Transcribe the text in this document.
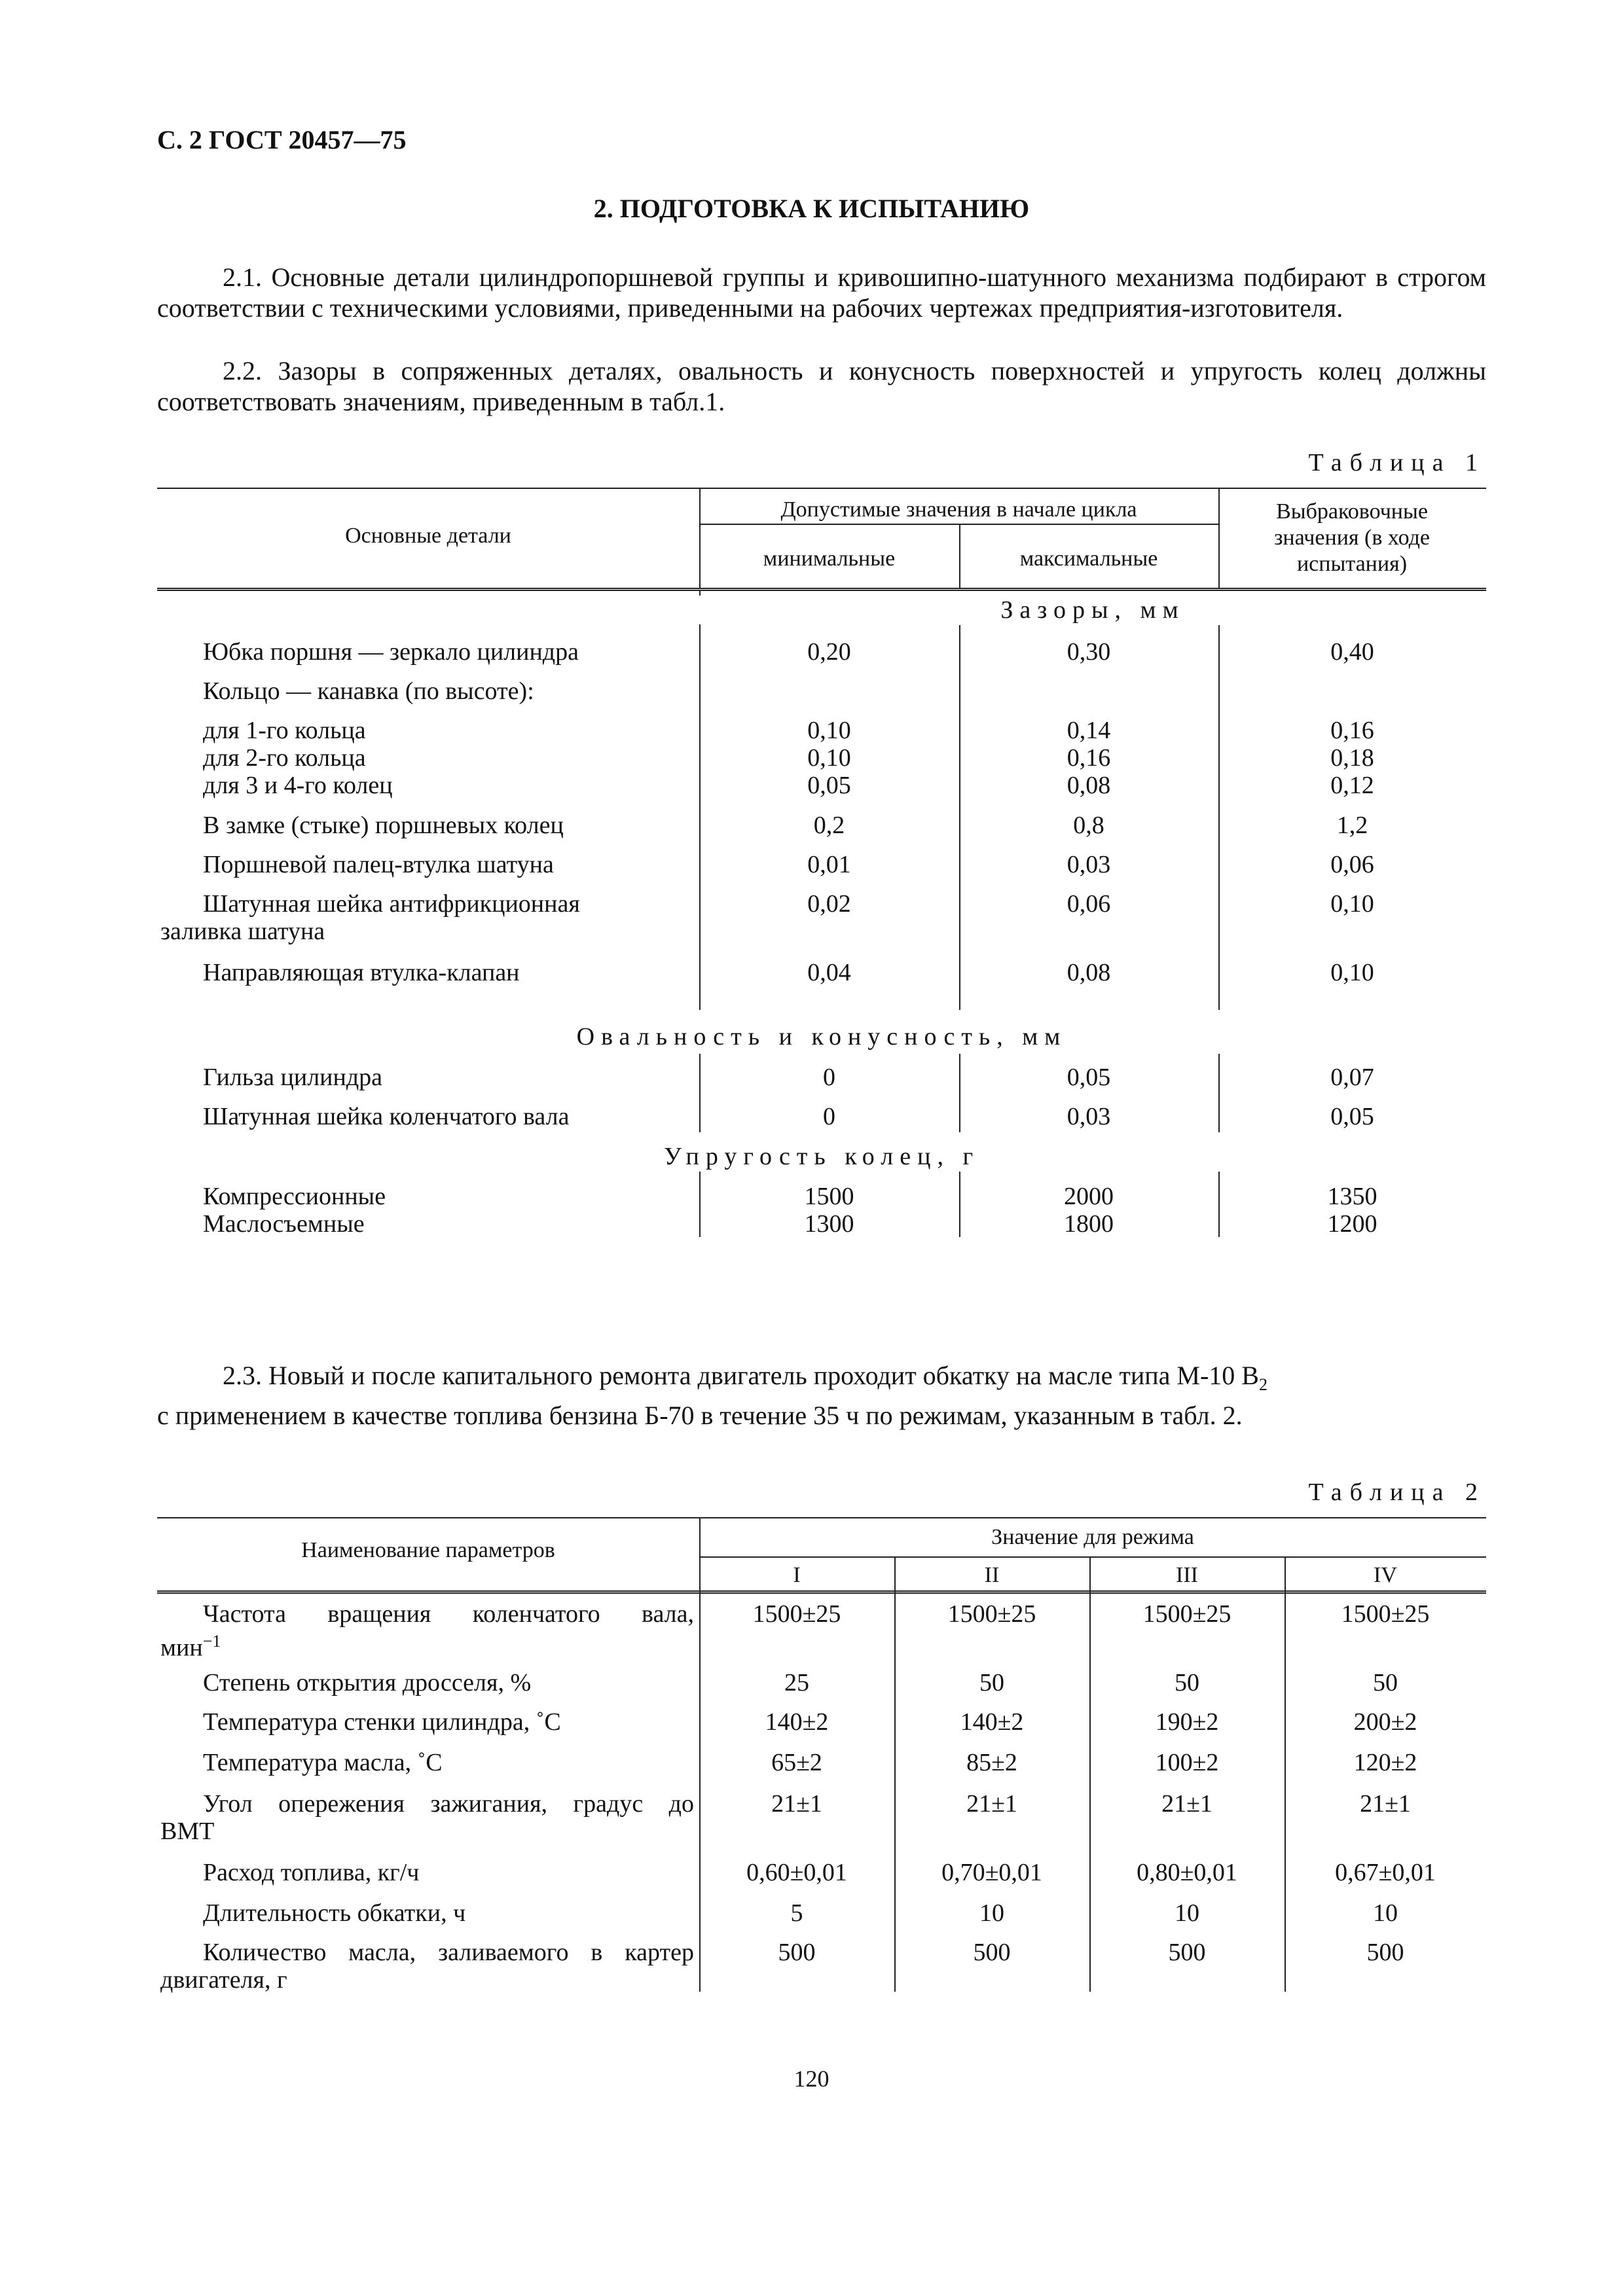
С. 2 ГОСТ 20457—75
2. ПОДГОТОВКА К ИСПЫТАНИЮ

2.1. Основные детали цилиндропоршневой группы и кривошипно-шатунного механизма подбирают в строгом соответствии с техническими условиями, приведенными на рабочих чертежах предприятия-изготовителя.

2.2. Зазоры в сопряженных деталях, овальность и конусность поверхностей и упругость колец должны соответствовать значениям, приведенным в табл.1.

Таблица 1
Основные детали
Допустимые значения в начале цикла
минимальные	максимальные
Выбраковочные значения (в ходе испытания)
Зазоры, мм
Юбка поршня — зеркало цилиндра	0,20	0,30	0,40
Кольцо — канавка (по высоте):
для 1-го кольца	0,10	0,14	0,16
для 2-го кольца	0,10	0,16	0,18
для 3 и 4-го колец	0,05	0,08	0,12
В замке (стыке) поршневых колец	0,2	0,8	1,2
Поршневой палец-втулка шатуна	0,01	0,03	0,06
Шатунная шейка антифрикционная
заливка шатуна
0,02	0,06	0,10
Направляющая втулка-клапан	0,04	0,08	0,10
Овальность и конусность, мм
Гильза цилиндра	0	0,05	0,07
Шатунная шейка коленчатого вала	0	0,03	0,05
Упругость колец, г
Компрессионные	1500	2000	1350
Маслосъемные	1300	1800	1200

2.3. Новый и после капитального ремонта двигатель проходит обкатку на масле типа М-10 $В_2$
с применением в качестве топлива бензина Б-70 в течение 35 ч по режимам, указанным в табл. 2.

Таблица 2
Наименование параметров
Значение для режима
I	II	III	IV
Частота вращения коленчатого вала,
мин$^{-1}$
1500±25	1500±25	1500±25	1500±25
Степень открытия дросселя, %	25	50	50	50
Температура стенки цилиндра, ˚С	140±2	140±2	190±2	200±2
Температура масла, ˚С	65±2	85±2	100±2	120±2
Угол опережения зажигания, градус до
ВМТ
21±1	21±1	21±1	21±1
Расход топлива, кг/ч	0,60±0,01	0,70±0,01	0,80±0,01	0,67±0,01
Длительность обкатки, ч	5	10	10	10
Количество масла, заливаемого в картер
двигателя, г
500	500	500	500
120
